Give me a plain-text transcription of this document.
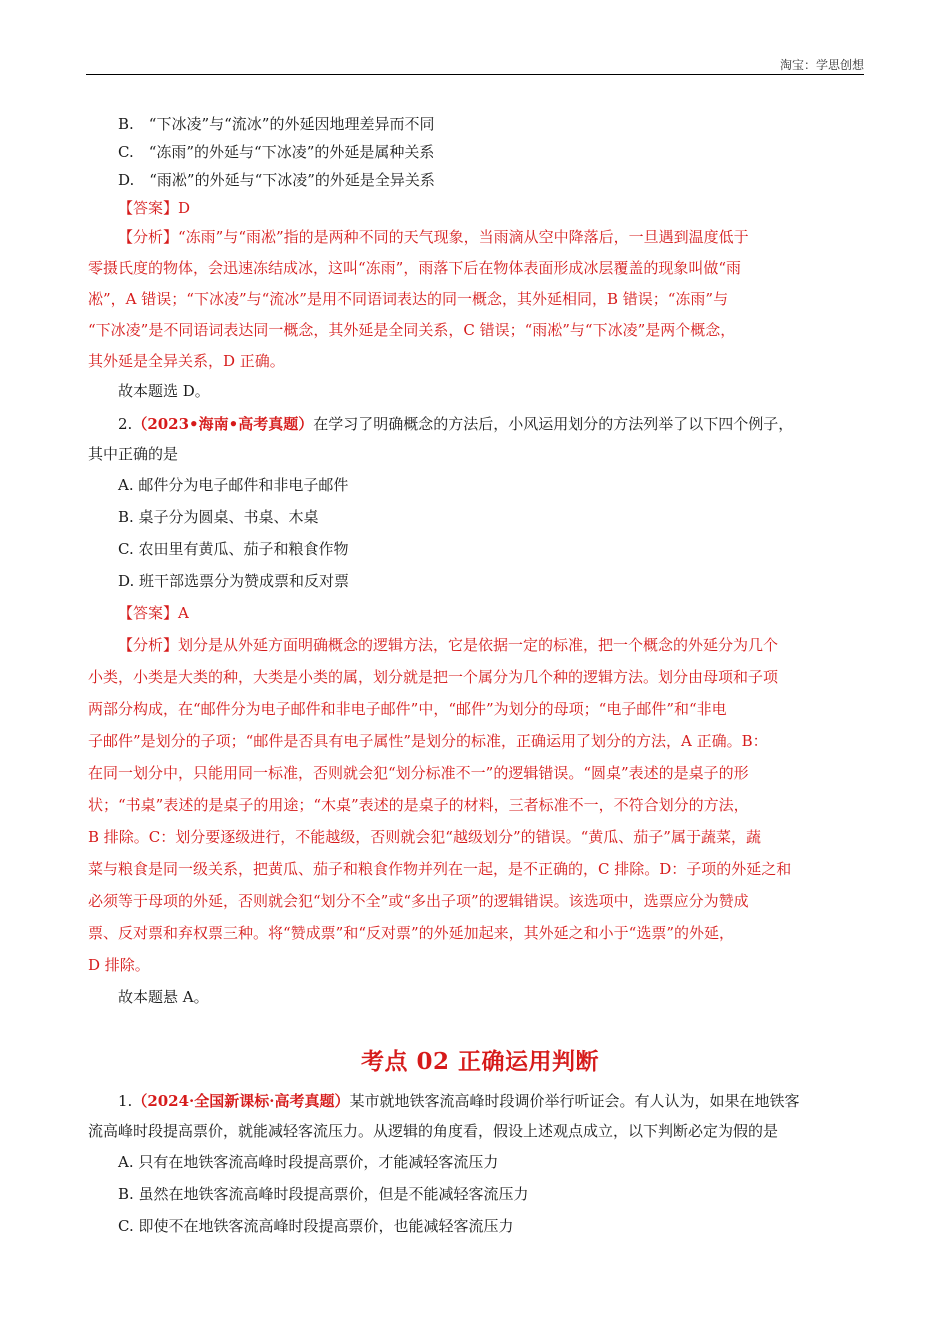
淘宝：学思创想
B.　“下冰凌”与“流冰”的外延因地理差异而不同
C.　“冻雨”的外延与“下冰凌”的外延是属种关系
D.　“雨凇”的外延与“下冰凌”的外延是全异关系
【答案】D
【分析】“冻雨”与“雨凇”指的是两种不同的天气现象，当雨滴从空中降落后，一旦遇到温度低于
零摄氏度的物体，会迅速冻结成冰，这叫“冻雨”，雨落下后在物体表面形成冰层覆盖的现象叫做“雨
凇”，A 错误；“下冰凌”与“流冰”是用不同语词表达的同一概念，其外延相同，B 错误；“冻雨”与
“下冰凌”是不同语词表达同一概念，其外延是全同关系，C 错误；“雨凇”与“下冰凌”是两个概念，
其外延是全异关系，D 正确。
故本题选 D。
2.（2023•海南•高考真题）在学习了明确概念的方法后，小风运用划分的方法列举了以下四个例子，
其中正确的是
A. 邮件分为电子邮件和非电子邮件
B. 桌子分为圆桌、书桌、木桌
C. 农田里有黄瓜、茄子和粮食作物
D. 班干部选票分为赞成票和反对票
【答案】A
【分析】划分是从外延方面明确概念的逻辑方法，它是依据一定的标准，把一个概念的外延分为几个
小类，小类是大类的种，大类是小类的属，划分就是把一个属分为几个种的逻辑方法。划分由母项和子项
两部分构成，在“邮件分为电子邮件和非电子邮件”中，“邮件”为划分的母项；“电子邮件”和“非电
子邮件”是划分的子项；“邮件是否具有电子属性”是划分的标准，正确运用了划分的方法，A 正确。B：
在同一划分中，只能用同一标准，否则就会犯“划分标准不一”的逻辑错误。“圆桌”表述的是桌子的形
状；“书桌”表述的是桌子的用途；“木桌”表述的是桌子的材料，三者标准不一，不符合划分的方法，
B 排除。C：划分要逐级进行，不能越级，否则就会犯“越级划分”的错误。“黄瓜、茄子”属于蔬菜，蔬
菜与粮食是同一级关系，把黄瓜、茄子和粮食作物并列在一起，是不正确的，C 排除。D：子项的外延之和
必须等于母项的外延，否则就会犯“划分不全”或“多出子项”的逻辑错误。该选项中，选票应分为赞成
票、反对票和弃权票三种。将“赞成票”和“反对票”的外延加起来，其外延之和小于“选票”的外延，
D 排除。
故本题悬 A。
考点 02 正确运用判断
1.（2024·全国新课标·高考真题）某市就地铁客流高峰时段调价举行听证会。有人认为，如果在地铁客
流高峰时段提高票价，就能减轻客流压力。从逻辑的角度看，假设上述观点成立，以下判断必定为假的是
A. 只有在地铁客流高峰时段提高票价，才能减轻客流压力
B. 虽然在地铁客流高峰时段提高票价，但是不能减轻客流压力
C. 即使不在地铁客流高峰时段提高票价，也能减轻客流压力
